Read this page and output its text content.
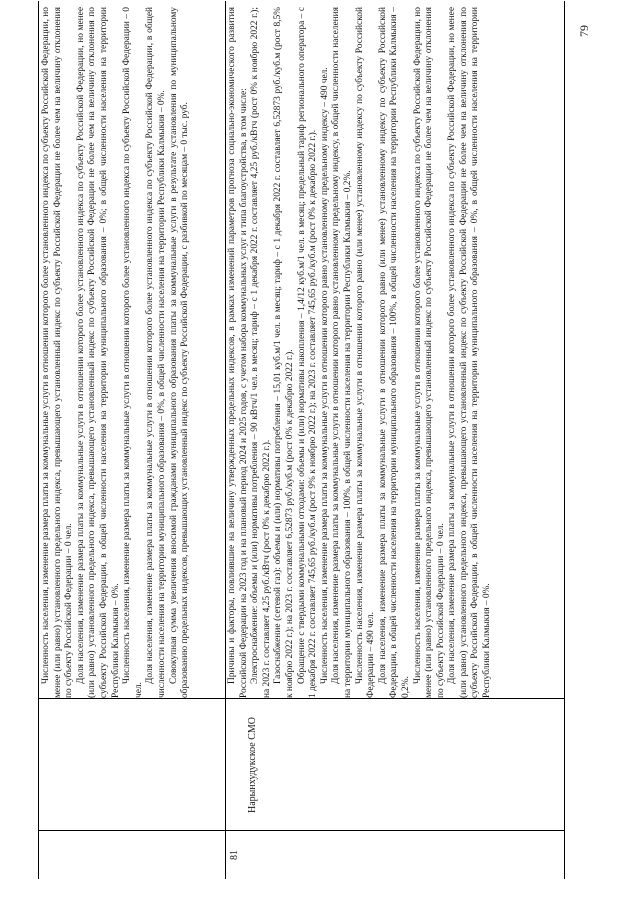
79

Численность населения, изменение размера платы за коммунальные услуги в отношении которого более установленного индекса по субъекту Российской Федерации, но менее (или равно) установленного предельного индекса, превышающего установленный индекс по субъекту Российской Федерации не более чем на величину отклонения по субъекту Российской Федерации – 0 чел. Доля населения, изменение размера платы за коммунальные услуги в отношении которого более установленного индекса по субъекту Российской Федерации, но менее (или равно) установленного предельного индекса, превышающего установленный индекс по субъекту Российской Федерации не более чем на величину отклонения по субъекту Российской Федерации, в общей численности населения на территории муниципального образования – 0%; в общей численности населения на территории Республики Калмыкия – 0%. Численность населения, изменение размера платы за коммунальные услуги в отношении которого более установленного индекса по субъекту Российской Федерации – 0 чел.

Доля населения, изменение размера платы за коммунальные услуги в отношении которого более установленного индекса по субъекту Российской Федерации, в общей численности населения на территории муниципального образования – 0%, в общей численности населения на территории Республики Калмыкия – 0%. Совокупная сумма увеличения вносимой гражданами муниципального образования платы за коммунальные услуги в результате установления по муниципальному образованию предельных индексов, превышающих установленный индекс по субъекту Российской Федерации, с разбивкой по месяцам – 0 тыс. руб.

81
Нарынхудукское СМО

Причины и факторы, повлиявшие на величину утвержденных предельных индексов, в рамках изменений параметров прогноза социально-экономического развития Российской Федерации на 2023 год и на плановый период 2024 и 2025 годов, с учетом набора коммунальных услуг и типа благоустройства, в том числе: Электроснабжение: объемы и (или) нормативы потребления – 90 кВтч/1 чел. в месяц; тариф – с 1 декабря 2022 г. составляет 4,25 руб./кВтч (рост 0% к ноябрю 2022 г.); на 2023 г. составляет 4,25 руб./кВтч (рост 0% к декабрю 2022 г.). Газоснабжение (сетевой газ): объемы и (или) нормативы потребления – 15,01 куб.м/1 чел. в месяц; тариф – с 1 декабря 2022 г. составляет 6,52873 руб./куб.м (рост 8,5% к ноябрю 2022 г.); на 2023 г. составляет 6,52873 руб./куб.м (рост 0% к декабрю 2022 г.). Обращение с твердыми коммунальными отходами: объемы и (или) нормативы накопления – 1,4/12 куб.м/1 чел. в месяц; предельный тариф регионального оператора – с 1 декабря 2022 г. составляет 745,65 руб./куб.м (рост 9% к ноябрю 2022 г.); на 2023 г. составляет 745,65 руб./куб.м (рост 0% к декабрю 2022 г.). Численность населения, изменение размера платы за коммунальные услуги в отношении которого равно установленному предельному индексу – 490 чел. Доля населения, изменение размера платы за коммунальные услуги в отношении которого равно установленному предельному индексу, в общей численности населения на территории муниципального образования – 100%, в общей численности населения на территории Республики Калмыкия – 0,2%. Численность населения, изменение размера платы за коммунальные услуги в отношении которого равно (или менее) установленному индексу по субъекту Российской Федерации – 490 чел. Доля населения, изменение размера платы за коммунальные услуги в отношении которого равно (или менее) установленному индексу по субъекту Российской Федерации, в общей численности населения на территории муниципального образования – 100%, в общей численности населения на территории Республики Калмыкия – 0,2%.

Численность населения, изменение размера платы за коммунальные услуги в отношении которого более установленного индекса по субъекту Российской Федерации, но менее (или равно) установленного предельного индекса, превышающего установленный индекс по субъекту Российской Федерации не более чем на величину отклонения по субъекту Российской Федерации – 0 чел. Доля населения, изменение размера платы за коммунальные услуги в отношении которого более установленного индекса по субъекту Российской Федерации, но менее (или равно) установленного предельного индекса, превышающего установленный индекс по субъекту Российской Федерации не более чем на величину отклонения по субъекту Российской Федерации, в общей численности населения на территории муниципального образования – 0%, в общей численности населения на территории Республики Калмыкия – 0%.
